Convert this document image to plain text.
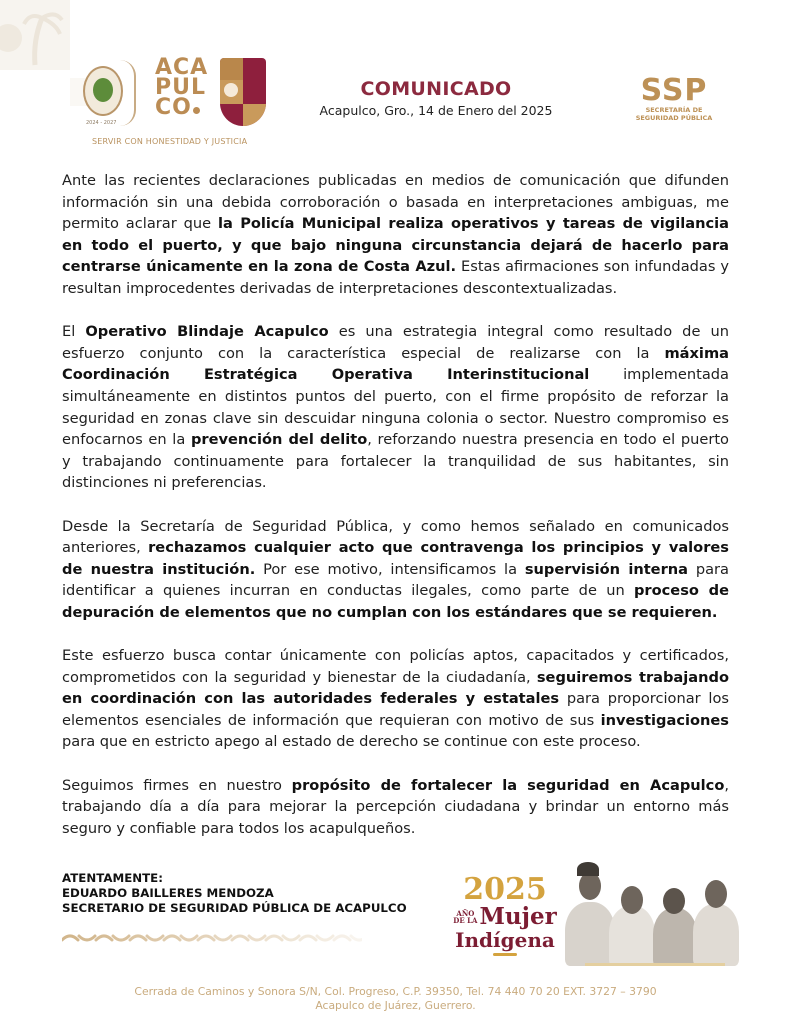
2024 - 2027
ACA
PUL
CO
SERVIR CON HONESTIDAD Y JUSTICIA
COMUNICADO
Acapulco, Gro., 14 de Enero del 2025
SSP
SECRETARÍA DE
SEGURIDAD PÚBLICA

Ante las recientes declaraciones publicadas en medios de comunicación que difunden información sin una debida corroboración o basada en interpretaciones ambiguas, me permito aclarar que la Policía Municipal realiza operativos y tareas de vigilancia en todo el puerto, y que bajo ninguna circunstancia dejará de hacerlo para centrarse únicamente en la zona de Costa Azul. Estas afirmaciones son infundadas y resultan improcedentes derivadas de interpretaciones descontextualizadas.

El Operativo Blindaje Acapulco es una estrategia integral como resultado de un esfuerzo conjunto con la característica especial de realizarse con la máxima Coordinación Estratégica Operativa Interinstitucional implementada simultáneamente en distintos puntos del puerto, con el firme propósito de reforzar la seguridad en zonas clave sin descuidar ninguna colonia o sector. Nuestro compromiso es enfocarnos en la prevención del delito, reforzando nuestra presencia en todo el puerto y trabajando continuamente para fortalecer la tranquilidad de sus habitantes, sin distinciones ni preferencias.

Desde la Secretaría de Seguridad Pública, y como hemos señalado en comunicados anteriores, rechazamos cualquier acto que contravenga los principios y valores de nuestra institución. Por ese motivo, intensificamos la supervisión interna para identificar a quienes incurran en conductas ilegales, como parte de un proceso de depuración de elementos que no cumplan con los estándares que se requieren.

Este esfuerzo busca contar únicamente con policías aptos, capacitados y certificados, comprometidos con la seguridad y bienestar de la ciudadanía, seguiremos trabajando en coordinación con las autoridades federales y estatales para proporcionar los elementos esenciales de información que requieran con motivo de sus investigaciones para que en estricto apego al estado de derecho se continue con este proceso.

Seguimos firmes en nuestro propósito de fortalecer la seguridad en Acapulco, trabajando día a día para mejorar la percepción ciudadana y brindar un entorno más seguro y confiable para todos los acapulqueños.

ATENTAMENTE:
EDUARDO BAILLERES MENDOZA
SECRETARIO DE SEGURIDAD PÚBLICA DE ACAPULCO
2025
AÑO
DE LA Mujer
Indígena
Cerrada de Caminos y Sonora S/N, Col. Progreso, C.P. 39350, Tel. 74 440 70 20 EXT. 3727 – 3790
Acapulco de Juárez, Guerrero.
